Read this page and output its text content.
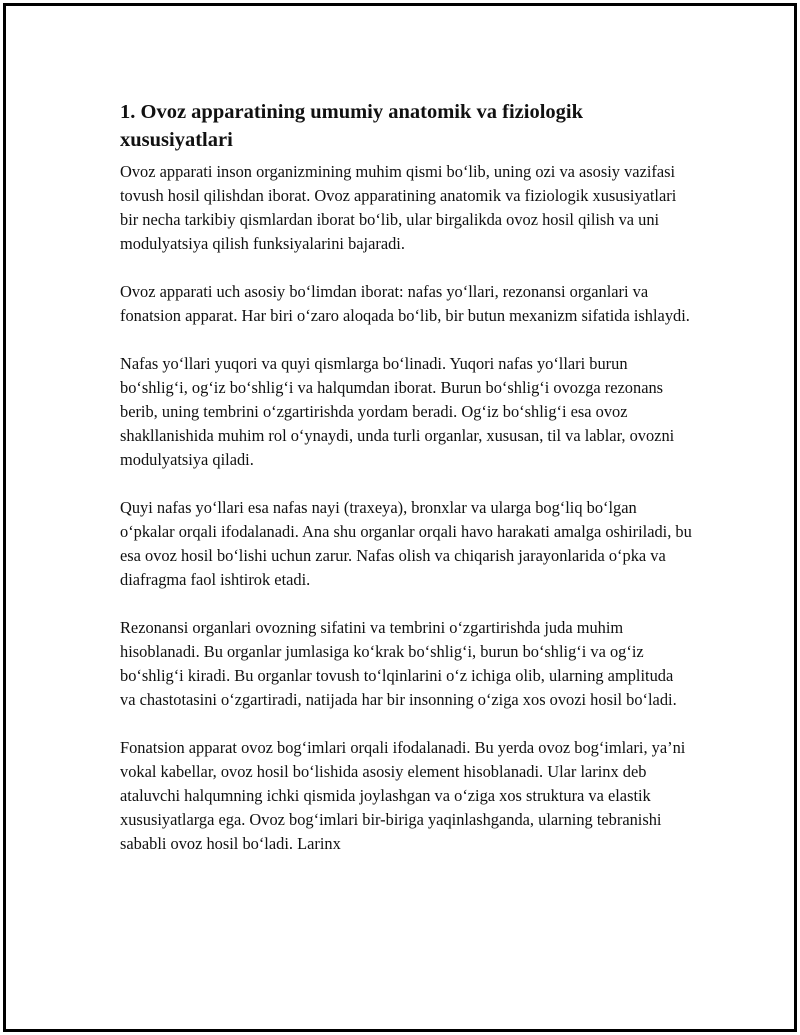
1. Ovoz apparatining umumiy anatomik va fiziologik xususiyatlari

Ovoz apparati inson organizmining muhim qismi bo‘lib, uning ozi va asosiy vazifasi tovush hosil qilishdan iborat. Ovoz apparatining anatomik va fiziologik xususiyatlari bir necha tarkibiy qismlardan iborat bo‘lib, ular birgalikda ovoz hosil qilish va uni modulyatsiya qilish funksiyalarini bajaradi.

Ovoz apparati uch asosiy bo‘limdan iborat: nafas yo‘llari, rezonansi organlari va fonatsion apparat. Har biri o‘zaro aloqada bo‘lib, bir butun mexanizm sifatida ishlaydi.

Nafas yo‘llari yuqori va quyi qismlarga bo‘linadi. Yuqori nafas yo‘llari burun bo‘shlig‘i, og‘iz bo‘shlig‘i va halqumdan iborat. Burun bo‘shlig‘i ovozga rezonans berib, uning tembrini o‘zgartirishda yordam beradi. Og‘iz bo‘shlig‘i esa ovoz shakllanishida muhim rol o‘ynaydi, unda turli organlar, xususan, til va lablar, ovozni modulyatsiya qiladi.

Quyi nafas yo‘llari esa nafas nayi (traxeya), bronxlar va ularga bog‘liq bo‘lgan o‘pkalar orqali ifodalanadi. Ana shu organlar orqali havo harakati amalga oshiriladi, bu esa ovoz hosil bo‘lishi uchun zarur. Nafas olish va chiqarish jarayonlarida o‘pka va diafragma faol ishtirok etadi.

Rezonansi organlari ovozning sifatini va tembrini o‘zgartirishda juda muhim hisoblanadi. Bu organlar jumlasiga ko‘krak bo‘shlig‘i, burun bo‘shlig‘i va og‘iz bo‘shlig‘i kiradi. Bu organlar tovush to‘lqinlarini o‘z ichiga olib, ularning amplituda va chastotasini o‘zgartiradi, natijada har bir insonning o‘ziga xos ovozi hosil bo‘ladi.

Fonatsion apparat ovoz bog‘imlari orqali ifodalanadi. Bu yerda ovoz bog‘imlari, ya’ni vokal kabellar, ovoz hosil bo‘lishida asosiy element hisoblanadi. Ular larinx deb ataluvchi halqumning ichki qismida joylashgan va o‘ziga xos struktura va elastik xususiyatlarga ega. Ovoz bog‘imlari bir-biriga yaqinlashganda, ularning tebranishi sababli ovoz hosil bo‘ladi. Larinx
